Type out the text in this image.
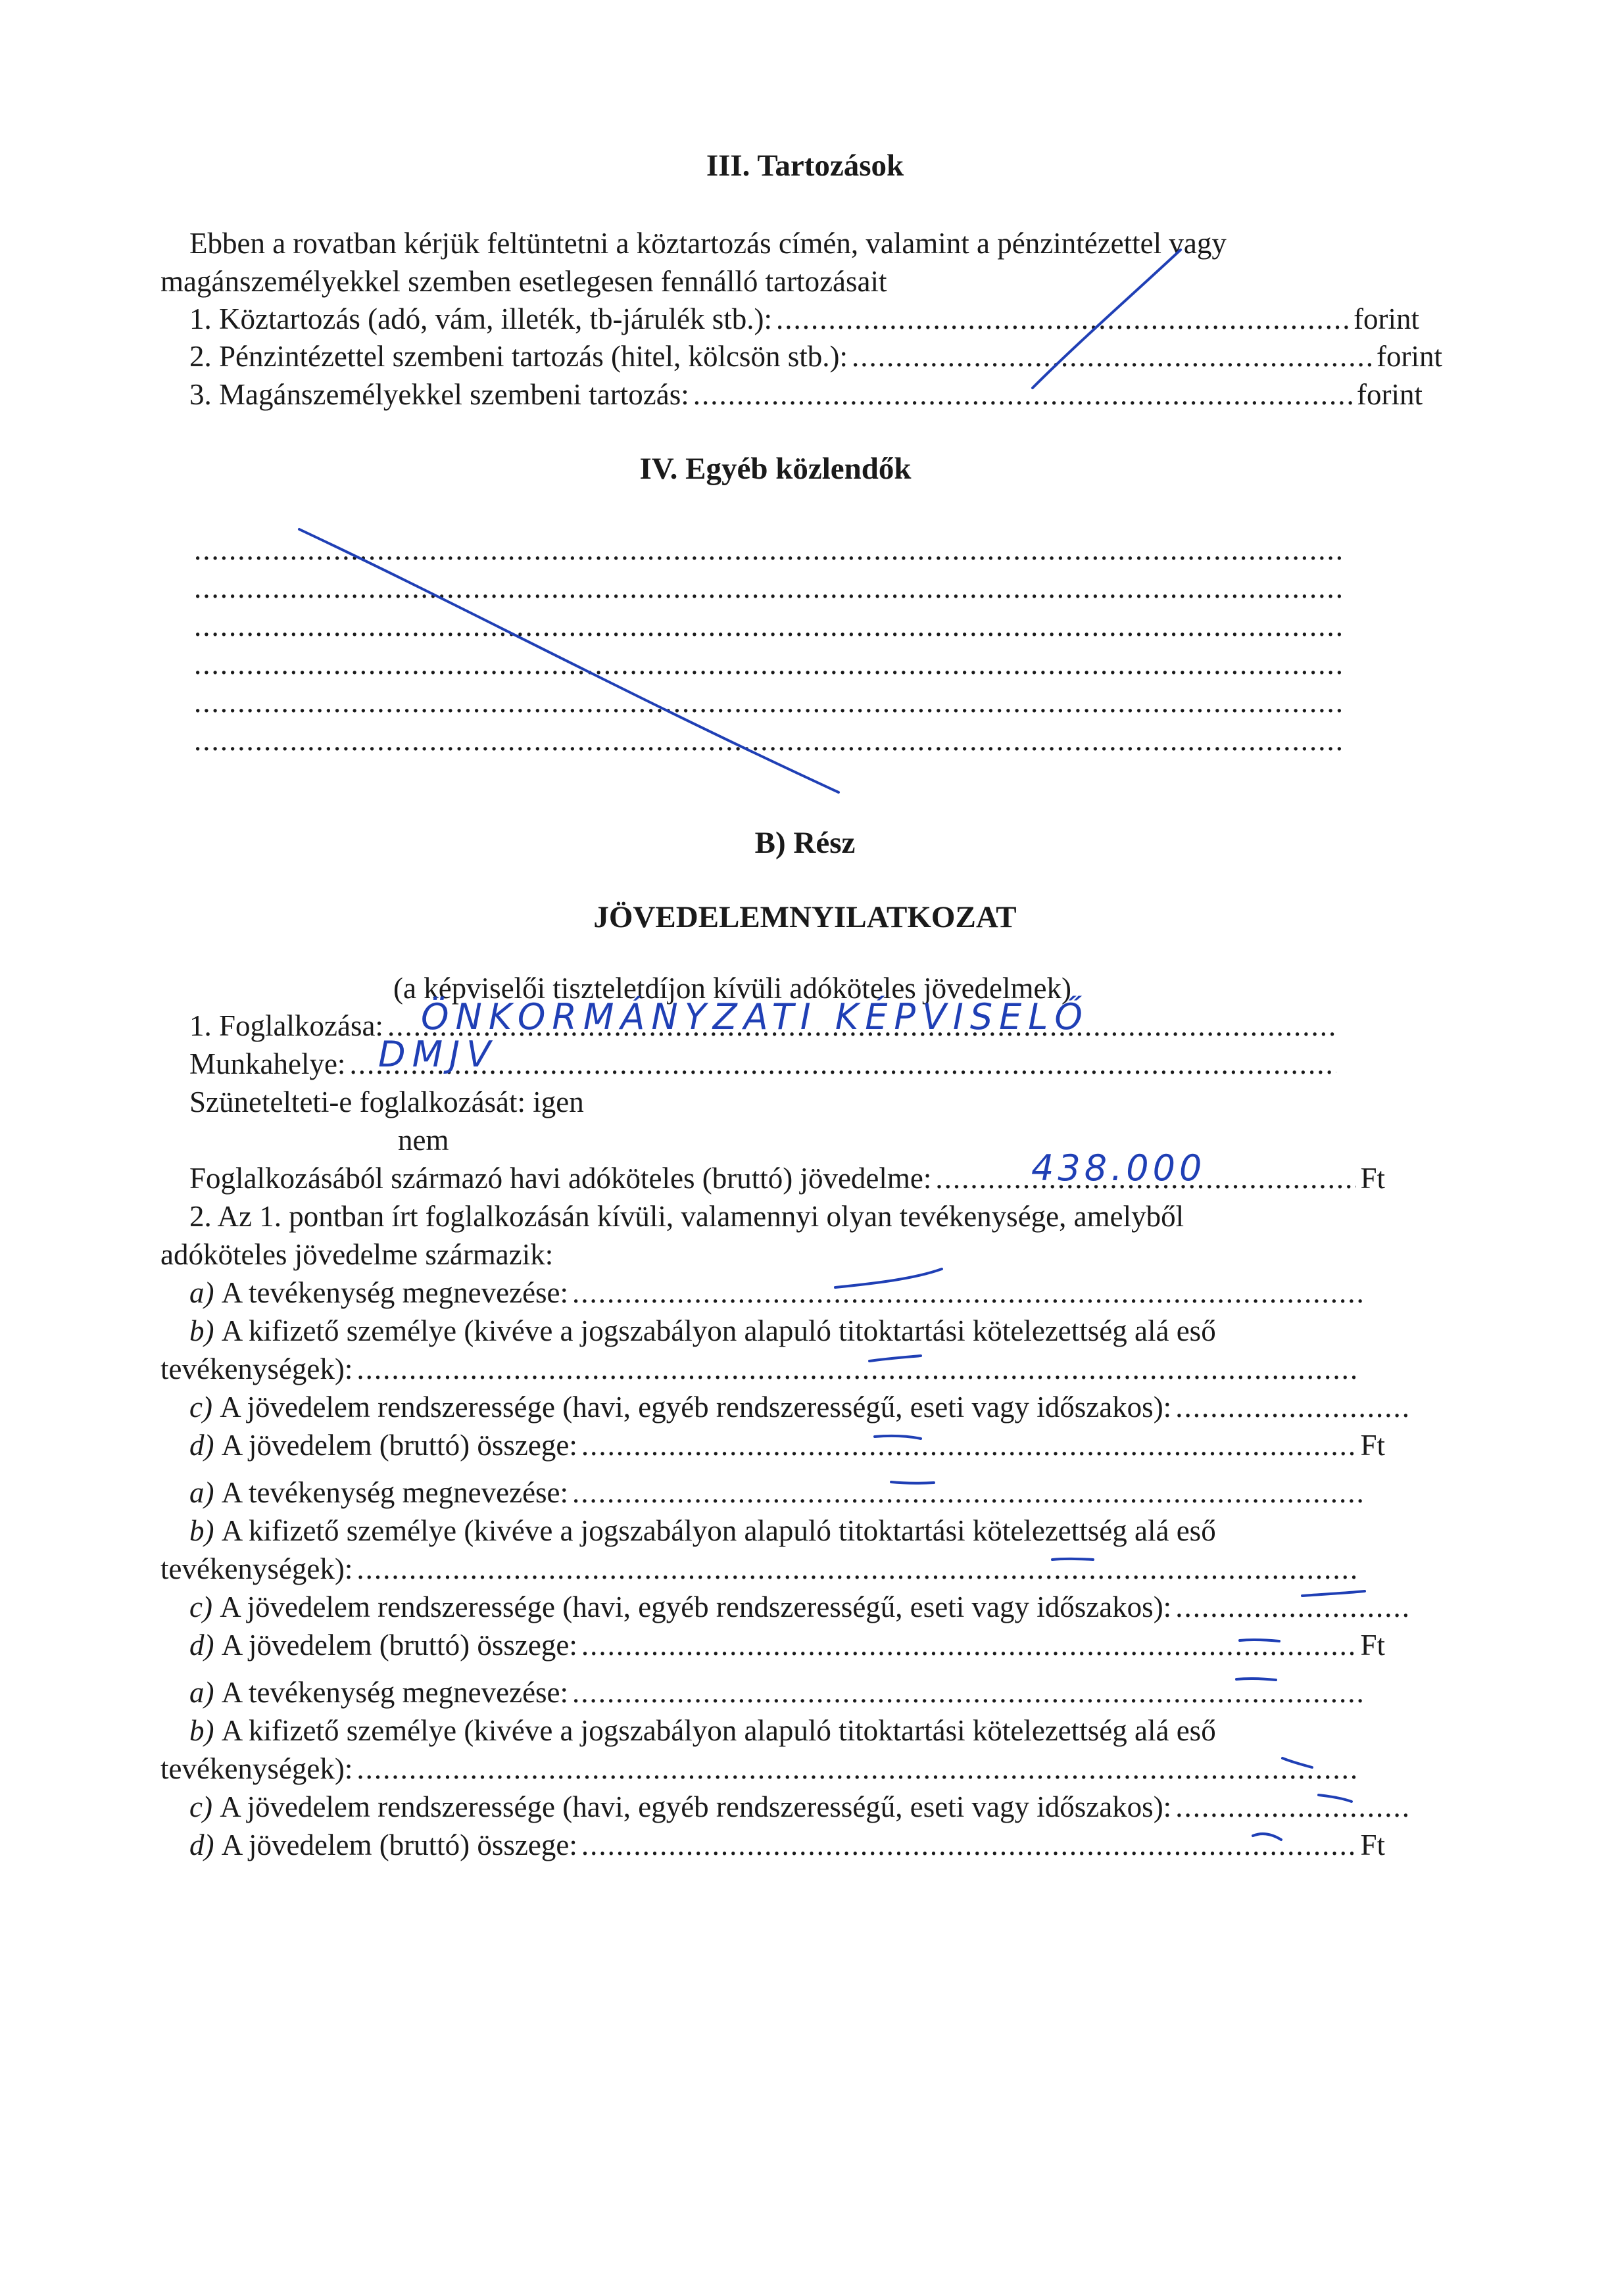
III. Tartozások
Ebben a rovatban kérjük feltüntetni a köztartozás címén, valamint a pénzintézettel vagy
magánszemélyekkel szemben esetlegesen fennálló tartozásait
1. Köztartozás (adó, vám, illeték, tb-járulék stb.): .....	forint
2. Pénzintézettel szembeni tartozás (hitel, kölcsön stb.): .....	forint
3. Magánszemélyekkel szembeni tartozás: .....	forint
IV. Egyéb közlendők
.....
.....
.....
.....
.....
.....
B) Rész
JÖVEDELEMNYILATKOZAT
(a képviselői tiszteletdíjon kívüli adóköteles jövedelmek)
1. Foglalkozása: ..... ÖNKORMÁNYZATI KÉPVISELŐ
Munkahelye: ..... DMJV
Szünetelteti-e foglalkozását: igen
nem
Foglalkozásából származó havi adóköteles (bruttó) jövedelme: .....	Ft
438.000
2. Az 1. pontban írt foglalkozásán kívüli, valamennyi olyan tevékenysége, amelyből
adóköteles jövedelme származik:
a)
A tevékenység megnevezése:
.....
b) A kifizető személye (kivéve a jogszabályon alapuló titoktartási kötelezettség alá eső
tevékenységek):
.....
c)
A jövedelem rendszeressége (havi, egyéb rendszerességű, eseti vagy időszakos):
.....
d)
A jövedelem (bruttó) összege: .....	Ft
a)
A tevékenység megnevezése:
.....
b) A kifizető személye (kivéve a jogszabályon alapuló titoktartási kötelezettség alá eső
tevékenységek):
.....
c)
A jövedelem rendszeressége (havi, egyéb rendszerességű, eseti vagy időszakos):
.....
d)
A jövedelem (bruttó) összege: .....	Ft
a)
A tevékenység megnevezése:
.....
b) A kifizető személye (kivéve a jogszabályon alapuló titoktartási kötelezettség alá eső
tevékenységek):
.....
c)
A jövedelem rendszeressége (havi, egyéb rendszerességű, eseti vagy időszakos):
.....
d)
A jövedelem (bruttó) összege: .....	Ft
